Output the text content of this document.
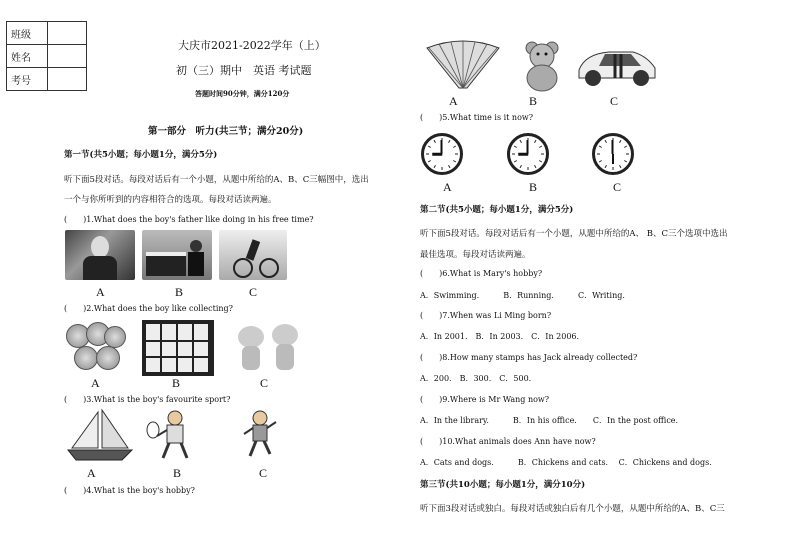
班级	
姓名	
考号	
大庆市2021-2022学年（上）
初（三）期中　英语 考试题
答题时间90分钟，满分120分
第一部分　听力(共三节；满分20分)
第一节(共5小题；每小题1分，满分5分)
听下面5段对话。每段对话后有一个小题，从题中所给的A、B、C三幅图中，选出
一个与你所听到的内容相符合的选项。每段对话读两遍。
(　　)1.What does the boy's father like doing in his free time?
A	B	C
(　　)2.What does the boy like collecting?
A	B	C
(　　)3.What is the boy's favourite sport?
A	B	C
(　　)4.What is the boy's hobby?
A	B	C
(　　)5.What time is it now?
A	B	C
第二节(共5小题；每小题1分，满分5分)
听下面5段对话。每段对话后有一个小题，从题中所给的A、 B、C三个选项中选出
最佳选项。每段对话读两遍。
(　　)6.What is Mary's hobby?
A．Swimming.　　　B．Running.　　　C．Writing.
(　　)7.When was Li Ming born?
A．In 2001.　B．In 2003.　C．In 2006.
(　　)8.How many stamps has Jack already collected?
A．200.　B．300.　C．500.
(　　)9.Where is Mr Wang now?
A．In the library.　　　B．In his office.　　C．In the post office.
(　　)10.What animals does Ann have now?
A．Cats and dogs.　　　B．Chickens and cats.　 C．Chickens and dogs.
第三节(共10小题；每小题1分，满分10分)
听下面3段对话或独白。每段对话或独白后有几个小题，从题中所给的A、B、C三
